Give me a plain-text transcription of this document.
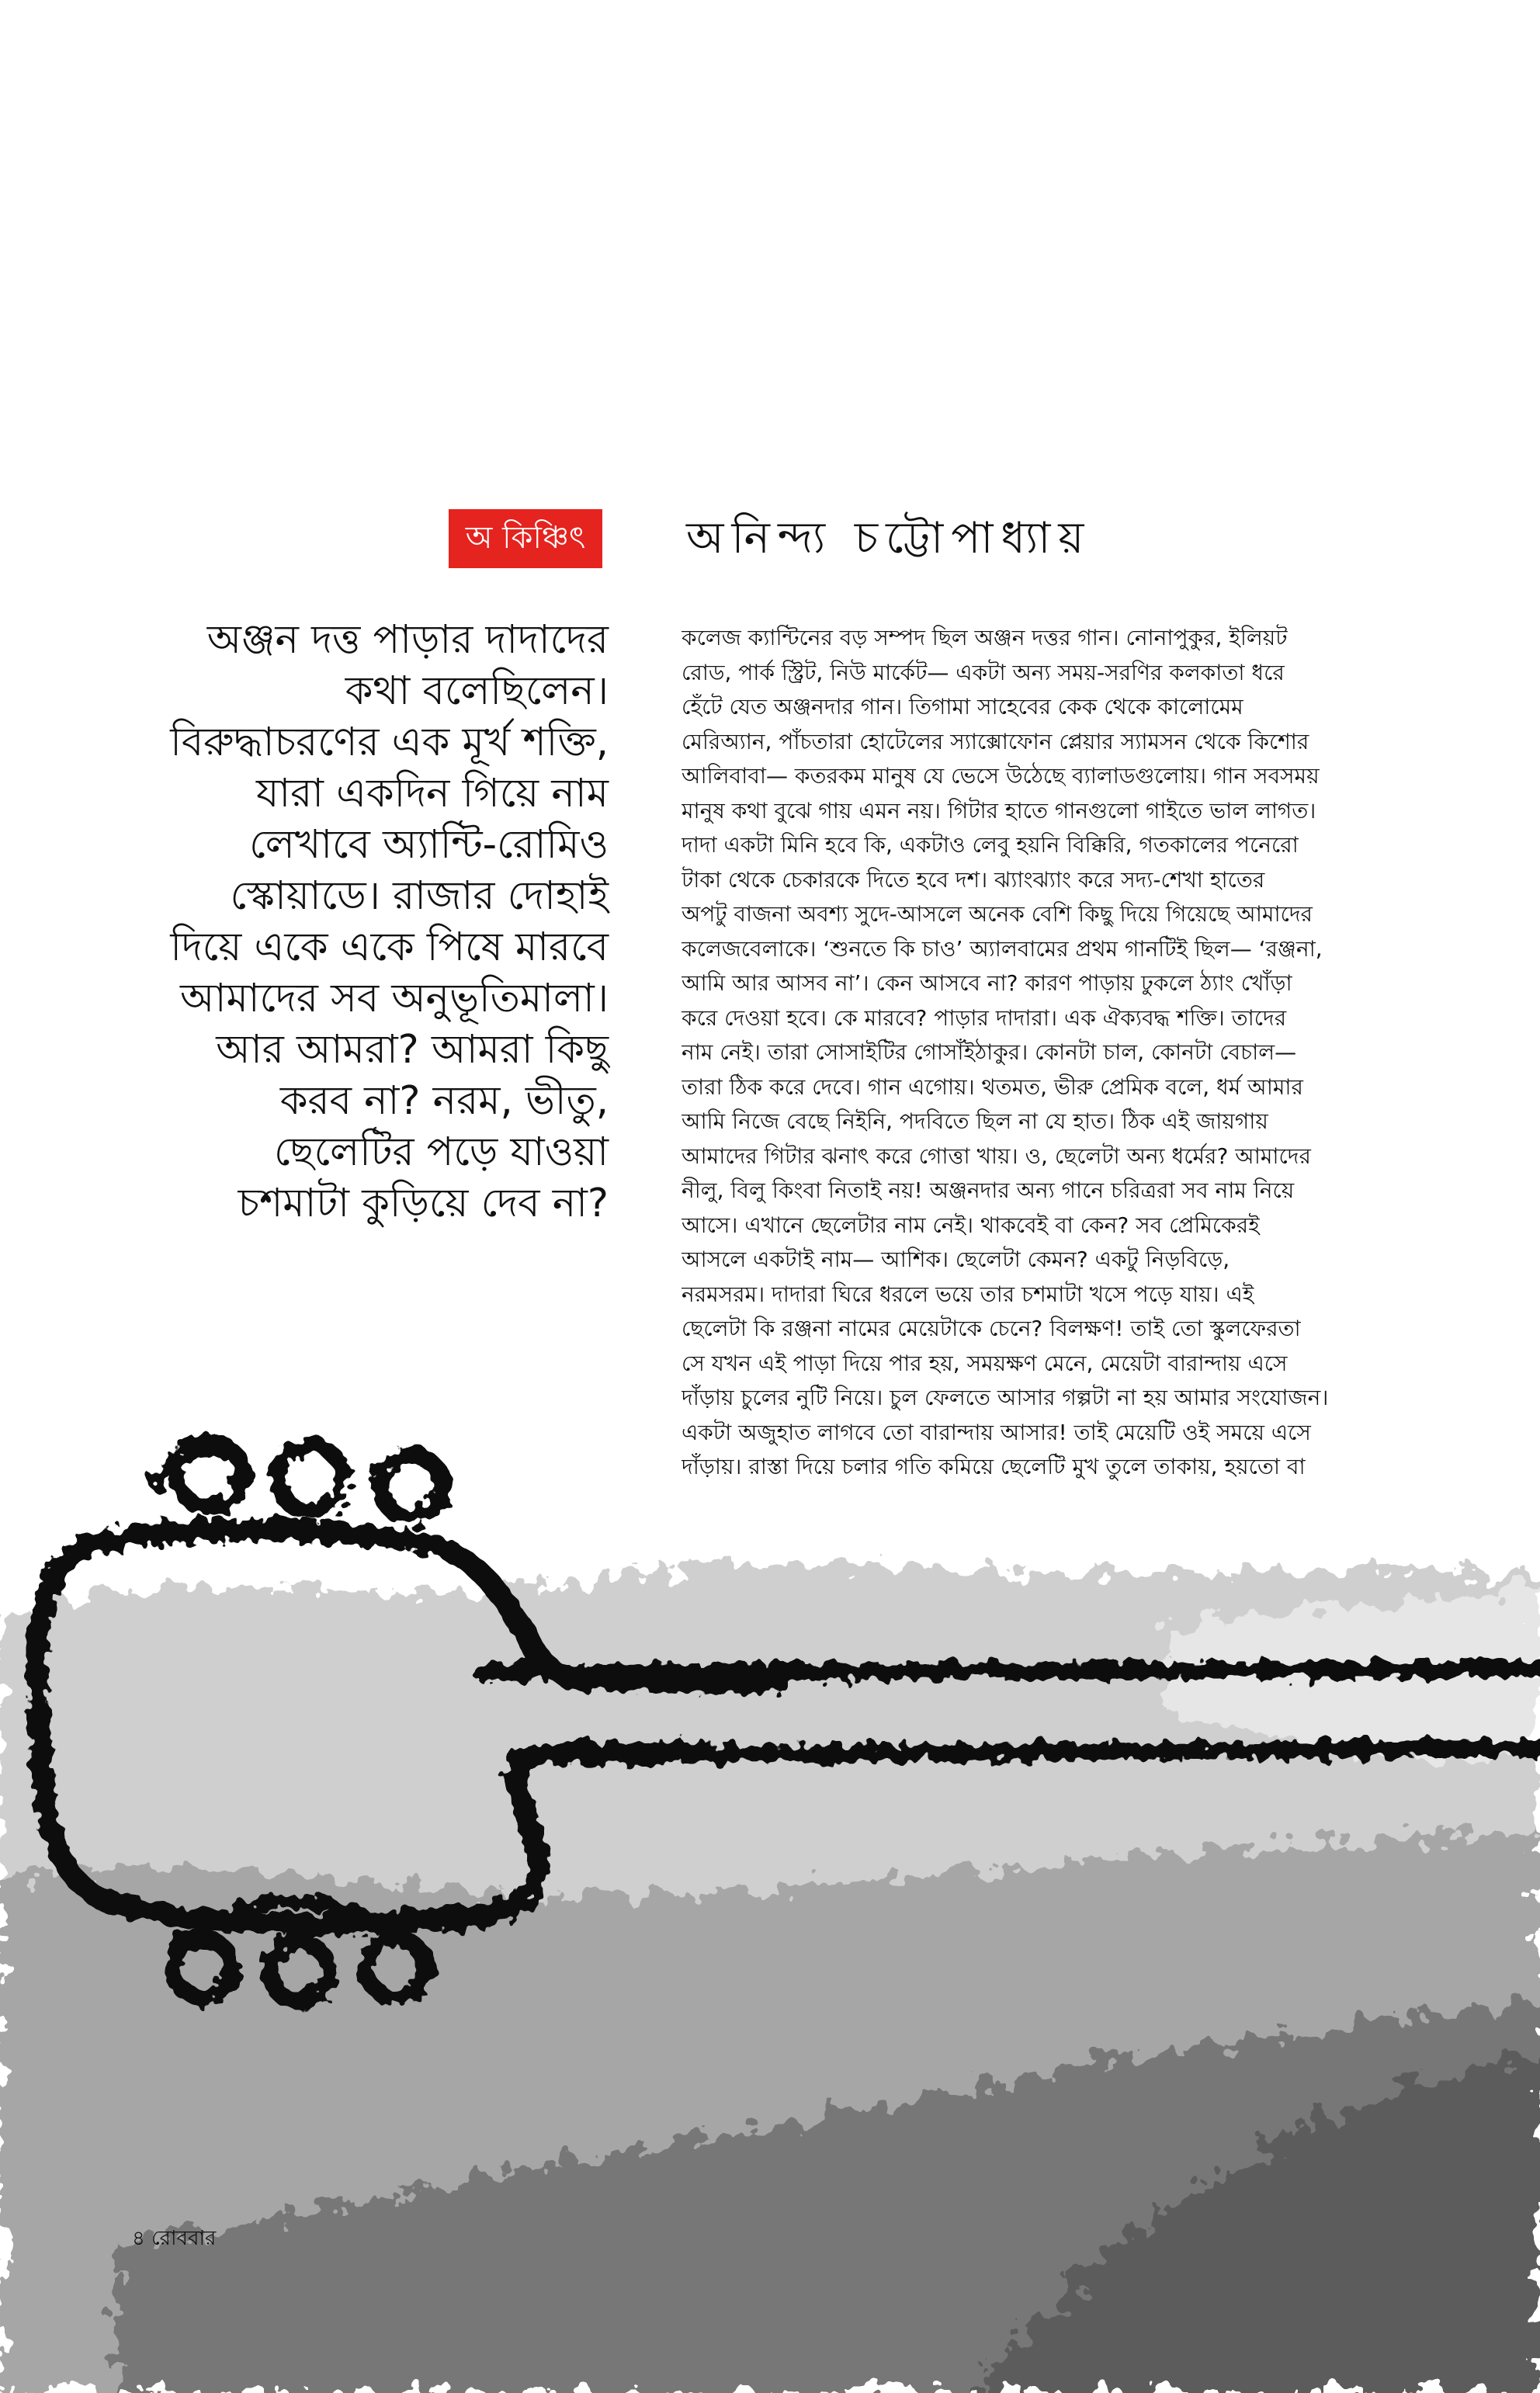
অ কিঞ্চিৎ	অনিন্দ্য চট্টোপাধ্যায়
অঞ্জন দত্ত পাড়ার দাদাদের
কথা বলেছিলেন।
বিরুদ্ধাচরণের এক মূর্খ শক্তি,
যারা একদিন গিয়ে নাম
লেখাবে অ্যান্টি-রোমিও
স্কোয়াডে। রাজার দোহাই
দিয়ে একে একে পিষে মারবে
আমাদের সব অনুভূতিমালা।
আর আমরা? আমরা কিছু
করব না? নরম, ভীতু,
ছেলেটির পড়ে যাওয়া
চশমাটা কুড়িয়ে দেব না?
কলেজ ক্যান্টিনের বড় সম্পদ ছিল অঞ্জন দত্তর গান। নোনাপুকুর, ইলিয়ট
রোড, পার্ক স্ট্রিট, নিউ মার্কেট— একটা অন্য সময়-সরণির কলকাতা ধরে
হেঁটে যেত অঞ্জনদার গান। তিগামা সাহেবের কেক থেকে কালোমেম
মেরিঅ্যান, পাঁচতারা হোটেলের স্যাক্সোফোন প্লেয়ার স্যামসন থেকে কিশোর
আলিবাবা— কতরকম মানুষ যে ভেসে উঠেছে ব্যালাডগুলোয়। গান সবসময়
মানুষ কথা বুঝে গায় এমন নয়। গিটার হাতে গানগুলো গাইতে ভাল লাগত।
দাদা একটা মিনি হবে কি, একটাও লেবু হয়নি বিক্কিরি, গতকালের পনেরো
টাকা থেকে চেকারকে দিতে হবে দশ। ঝ্যাংঝ্যাং করে সদ্য-শেখা হাতের
অপটু বাজনা অবশ্য সুদে-আসলে অনেক বেশি কিছু দিয়ে গিয়েছে আমাদের
কলেজবেলাকে। ‘শুনতে কি চাও’ অ্যালবামের প্রথম গানটিই ছিল— ‘রঞ্জনা,
আমি আর আসব না’। কেন আসবে না? কারণ পাড়ায় ঢুকলে ঠ্যাং খোঁড়া
করে দেওয়া হবে। কে মারবে? পাড়ার দাদারা। এক ঐক্যবদ্ধ শক্তি। তাদের
নাম নেই। তারা সোসাইটির গোসাঁইঠাকুর। কোনটা চাল, কোনটা বেচাল—
তারা ঠিক করে দেবে। গান এগোয়। থতমত, ভীরু প্রেমিক বলে, ধর্ম আমার
আমি নিজে বেছে নিইনি, পদবিতে ছিল না যে হাত। ঠিক এই জায়গায়
আমাদের গিটার ঝনাৎ করে গোত্তা খায়। ও, ছেলেটা অন্য ধর্মের? আমাদের
নীলু, বিলু কিংবা নিতাই নয়! অঞ্জনদার অন্য গানে চরিত্ররা সব নাম নিয়ে
আসে। এখানে ছেলেটার নাম নেই। থাকবেই বা কেন? সব প্রেমিকেরই
আসলে একটাই নাম— আশিক। ছেলেটা কেমন? একটু নিড়বিড়ে,
নরমসরম। দাদারা ঘিরে ধরলে ভয়ে তার চশমাটা খসে পড়ে যায়। এই
ছেলেটা কি রঞ্জনা নামের মেয়েটাকে চেনে? বিলক্ষণ! তাই তো স্কুলফেরতা
সে যখন এই পাড়া দিয়ে পার হয়, সময়ক্ষণ মেনে, মেয়েটা বারান্দায় এসে
দাঁড়ায় চুলের নুটি নিয়ে। চুল ফেলতে আসার গল্পটা না হয় আমার সংযোজন।
একটা অজুহাত লাগবে তো বারান্দায় আসার! তাই মেয়েটি ওই সময়ে এসে
দাঁড়ায়। রাস্তা দিয়ে চলার গতি কমিয়ে ছেলেটি মুখ তুলে তাকায়, হয়তো বা
৪ রোববার
